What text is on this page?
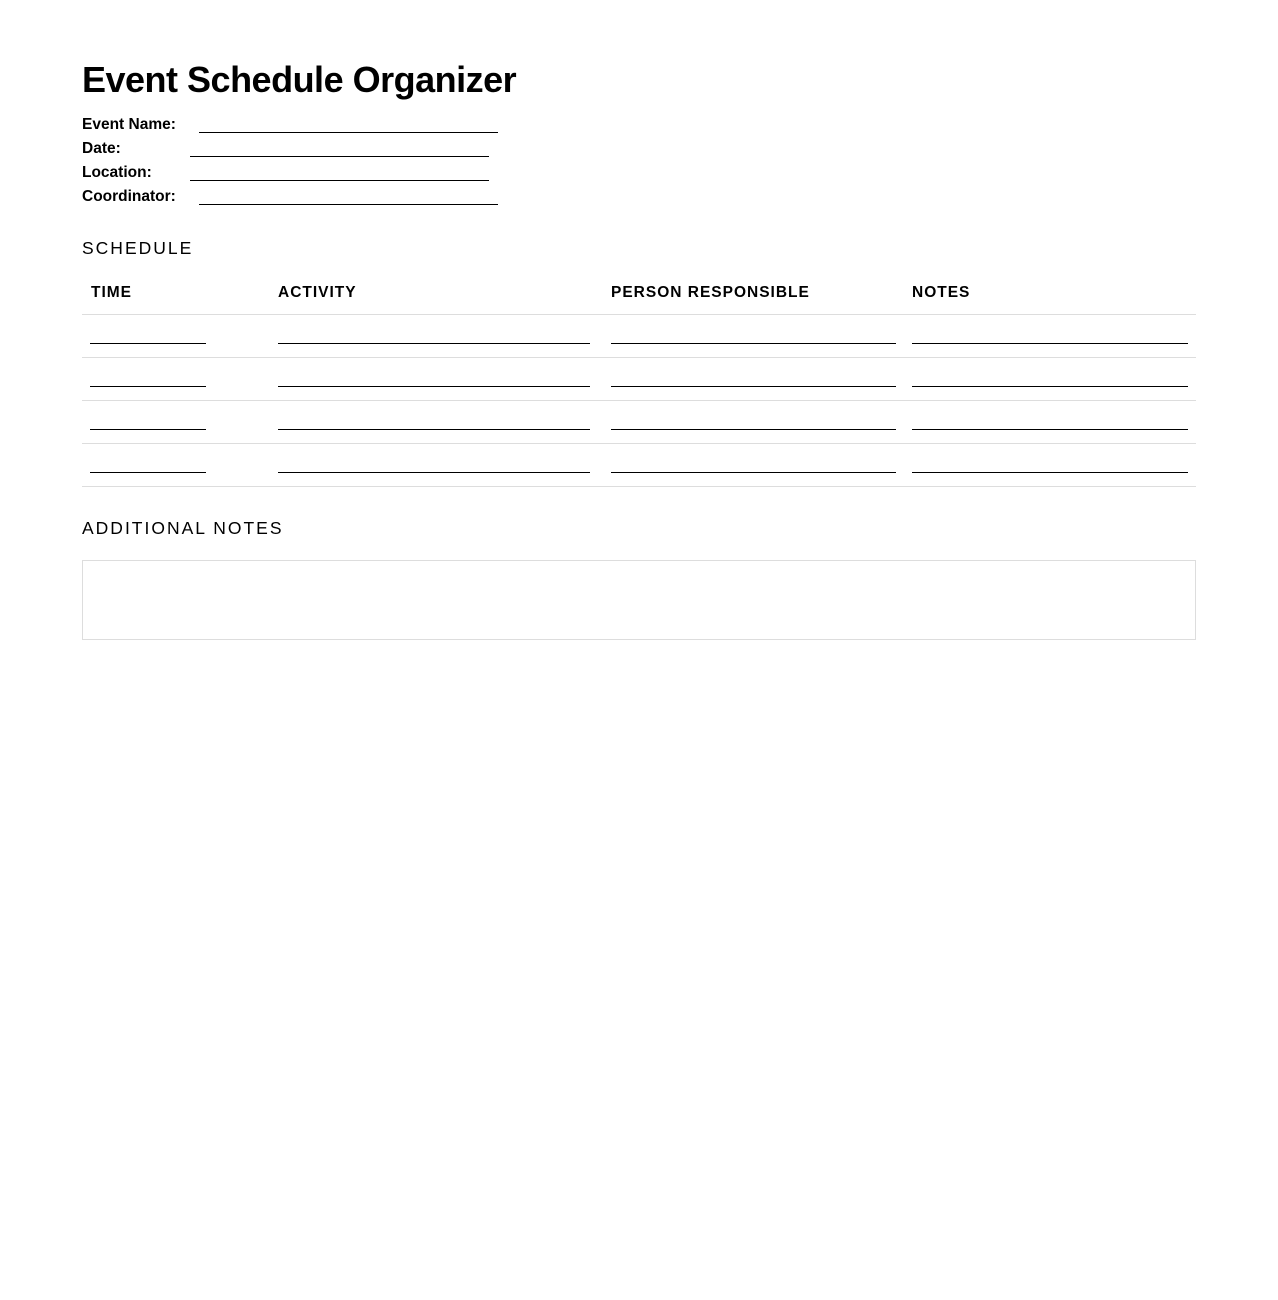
Event Schedule Organizer
Event Name:
Date:
Location:
Coordinator:
SCHEDULE
TIME	ACTIVITY	PERSON RESPONSIBLE	NOTES

ADDITIONAL NOTES
